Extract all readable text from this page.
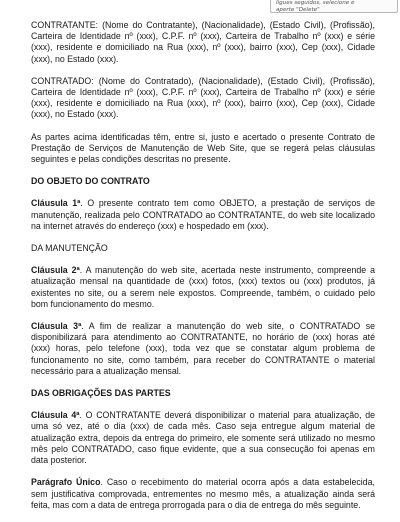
ligues seguidos, selecione e
aperte "Delete"

CONTRATANTE: (Nome do Contratante), (Nacionalidade), (Estado Civil), (Profissão), Carteira de Identidade nº (xxx), C.P.F. nº (xxx), Carteira de Trabalho nº (xxx) e série (xxx), residente e domiciliado na Rua (xxx), nº (xxx), bairro (xxx), Cep (xxx), Cidade (xxx), no Estado (xxx).

CONTRATADO: (Nome do Contratado), (Nacionalidade), (Estado Civil), (Profissão), Carteira de Identidade nº (xxx), C.P.F. nº (xxx), Carteira de Trabalho nº (xxx) e série (xxx), residente e domiciliado na Rua (xxx), nº (xxx), bairro (xxx), Cep (xxx), Cidade (xxx), no Estado (xxx).

As partes acima identificadas têm, entre si, justo e acertado o presente Contrato de Prestação de Serviços de Manutenção de Web Site, que se regerá pelas cláusulas seguintes e pelas condições descritas no presente.

DO OBJETO DO CONTRATO

Cláusula 1ª. O presente contrato tem como OBJETO, a prestação de serviços de manutenção, realizada pelo CONTRATADO ao CONTRATANTE, do web site localizado na internet através do endereço (xxx) e hospedado em (xxx).

DA MANUTENÇÃO

Cláusula 2ª. A manutenção do web site, acertada neste instrumento, compreende a atualização mensal na quantidade de (xxx) fotos, (xxx) textos ou (xxx) produtos, já existentes no site, ou a serem nele expostos. Compreende, também, o cuidado pelo bom funcionamento do mesmo.

Cláusula 3ª. A fim de realizar a manutenção do web site, o CONTRATADO se disponibilizará para atendimento ao CONTRATANTE, no horário de (xxx) horas até (xxx) horas, pelo telefone (xxx), toda vez que se constatar algum problema de funcionamento no site, como também, para receber do CONTRATANTE o material necessário para a atualização mensal.

DAS OBRIGAÇÕES DAS PARTES

Cláusula 4ª. O CONTRATANTE deverá disponibilizar o material para atualização, de uma só vez, até o dia (xxx) de cada mês. Caso seja entregue algum material de atualização extra, depois da entrega do primeiro, ele somente será utilizado no mesmo mês pelo CONTRATADO, caso fique evidente, que a sua consecução foi apenas em data posterior.

Parágrafo Único. Caso o recebimento do material ocorra após a data estabelecida, sem justificativa comprovada, entrementes no mesmo mês, a atualização ainda será feita, mas com a data de entrega prorrogada para o dia de entrega do mês seguinte.
